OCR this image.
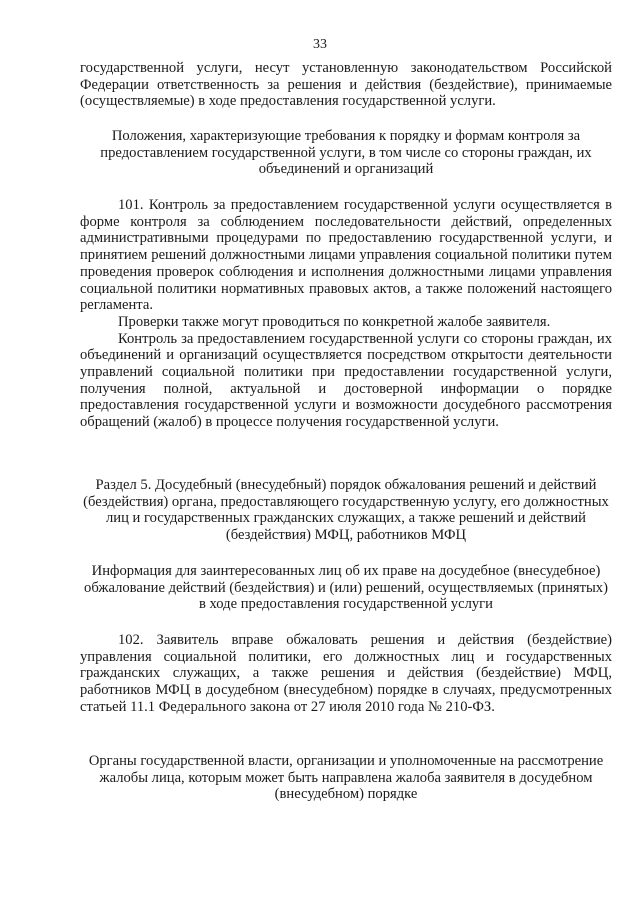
33

государственной услуги, несут установленную законодательством Российской Федерации ответственность за решения и действия (бездействие), принимаемые (осуществляемые) в ходе предоставления государственной услуги.

Положения, характеризующие требования к порядку и формам контроля за предоставлением государственной услуги, в том числе со стороны граждан, их объединений и организаций

101. Контроль за предоставлением государственной услуги осуществляется в форме контроля за соблюдением последовательности действий, определенных административными процедурами по предоставлению государственной услуги, и принятием решений должностными лицами управления социальной политики путем проведения проверок соблюдения и исполнения должностными лицами управления социальной политики нормативных правовых актов, а также положений настоящего регламента.

Проверки также могут проводиться по конкретной жалобе заявителя.

Контроль за предоставлением государственной услуги со стороны граждан, их объединений и организаций осуществляется посредством открытости деятельности управлений социальной политики при предоставлении государственной услуги, получения полной, актуальной и достоверной информации о порядке предоставления государственной услуги и возможности досудебного рассмотрения обращений (жалоб) в процессе получения государственной услуги.

Раздел 5. Досудебный (внесудебный) порядок обжалования решений и действий (бездействия) органа, предоставляющего государственную услугу, его должностных лиц и государственных гражданских служащих, а также решений и действий (бездействия) МФЦ, работников МФЦ

Информация для заинтересованных лиц об их праве на досудебное (внесудебное) обжалование действий (бездействия) и (или) решений, осуществляемых (принятых) в ходе предоставления государственной услуги

102. Заявитель вправе обжаловать решения и действия (бездействие) управления социальной политики, его должностных лиц и государственных гражданских служащих, а также решения и действия (бездействие) МФЦ, работников МФЦ в досудебном (внесудебном) порядке в случаях, предусмотренных статьей 11.1 Федерального закона от 27 июля 2010 года № 210-ФЗ.

Органы государственной власти, организации и уполномоченные на рассмотрение жалобы лица, которым может быть направлена жалоба заявителя в досудебном (внесудебном) порядке
